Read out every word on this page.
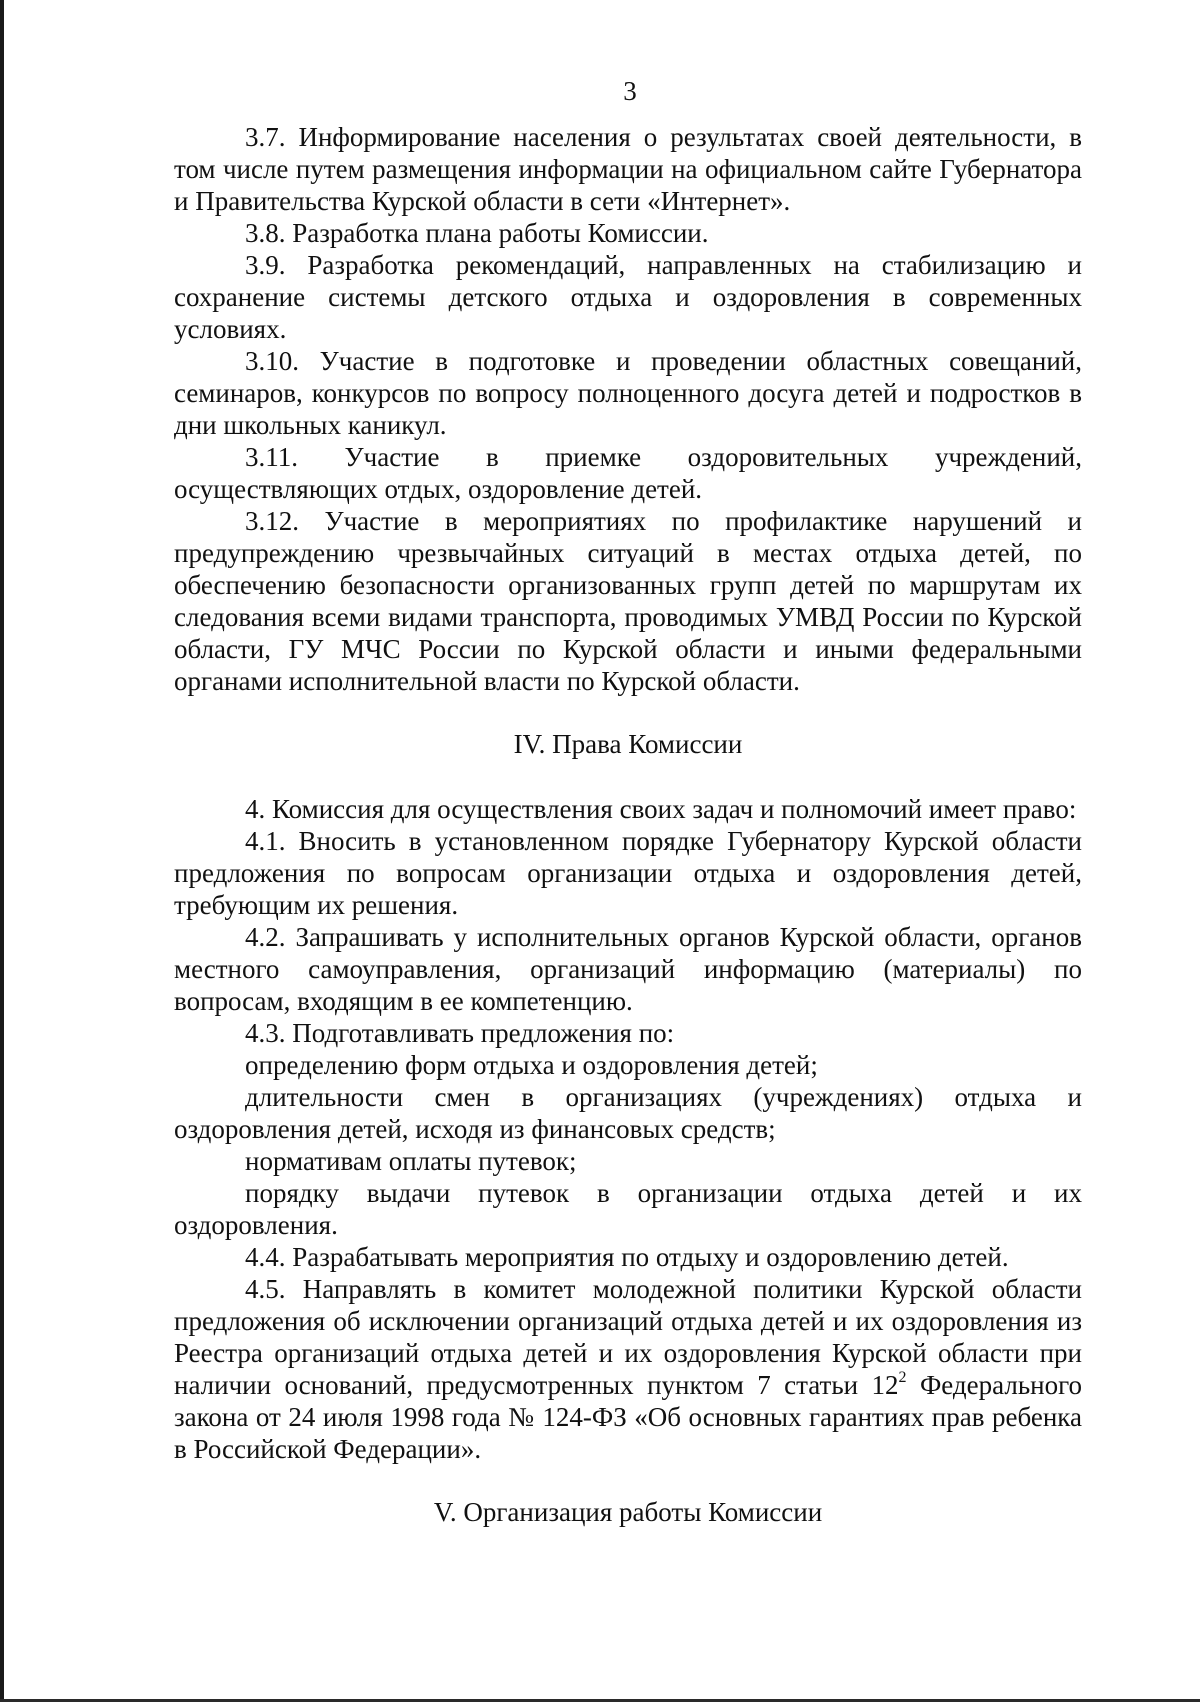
3

3.7. Информирование населения о результатах своей деятельности, в том числе путем размещения информации на официальном сайте Губернатора и Правительства Курской области в сети «Интернет».

3.8. Разработка плана работы Комиссии.

3.9. Разработка рекомендаций, направленных на стабилизацию и сохранение системы детского отдыха и оздоровления в современных условиях.

3.10. Участие в подготовке и проведении областных совещаний, семинаров, конкурсов по вопросу полноценного досуга детей и подростков в дни школьных каникул.

3.11. Участие в приемке оздоровительных учреждений, осуществляющих отдых, оздоровление детей.

3.12. Участие в мероприятиях по профилактике нарушений и предупреждению чрезвычайных ситуаций в местах отдыха детей, по обеспечению безопасности организованных групп детей по маршрутам их следования всеми видами транспорта, проводимых УМВД России по Курской области, ГУ МЧС России по Курской области и иными федеральными органами исполнительной власти по Курской области.

IV. Права Комиссии

4. Комиссия для осуществления своих задач и полномочий имеет право:

4.1. Вносить в установленном порядке Губернатору Курской области предложения по вопросам организации отдыха и оздоровления детей, требующим их решения.

4.2. Запрашивать у исполнительных органов Курской области, органов местного самоуправления, организаций информацию (материалы) по вопросам, входящим в ее компетенцию.

4.3. Подготавливать предложения по:

определению форм отдыха и оздоровления детей;

длительности смен в организациях (учреждениях) отдыха и оздоровления детей, исходя из финансовых средств;

нормативам оплаты путевок;

порядку выдачи путевок в организации отдыха детей и их оздоровления.

4.4. Разрабатывать мероприятия по отдыху и оздоровлению детей.

4.5. Направлять в комитет молодежной политики Курской области предложения об исключении организаций отдыха детей и их оздоровления из Реестра организаций отдыха детей и их оздоровления Курской области при наличии оснований, предусмотренных пунктом 7 статьи $12^2$ Федерального закона от 24 июля 1998 года № 124-ФЗ «Об основных гарантиях прав ребенка в Российской Федерации».

V. Организация работы Комиссии
